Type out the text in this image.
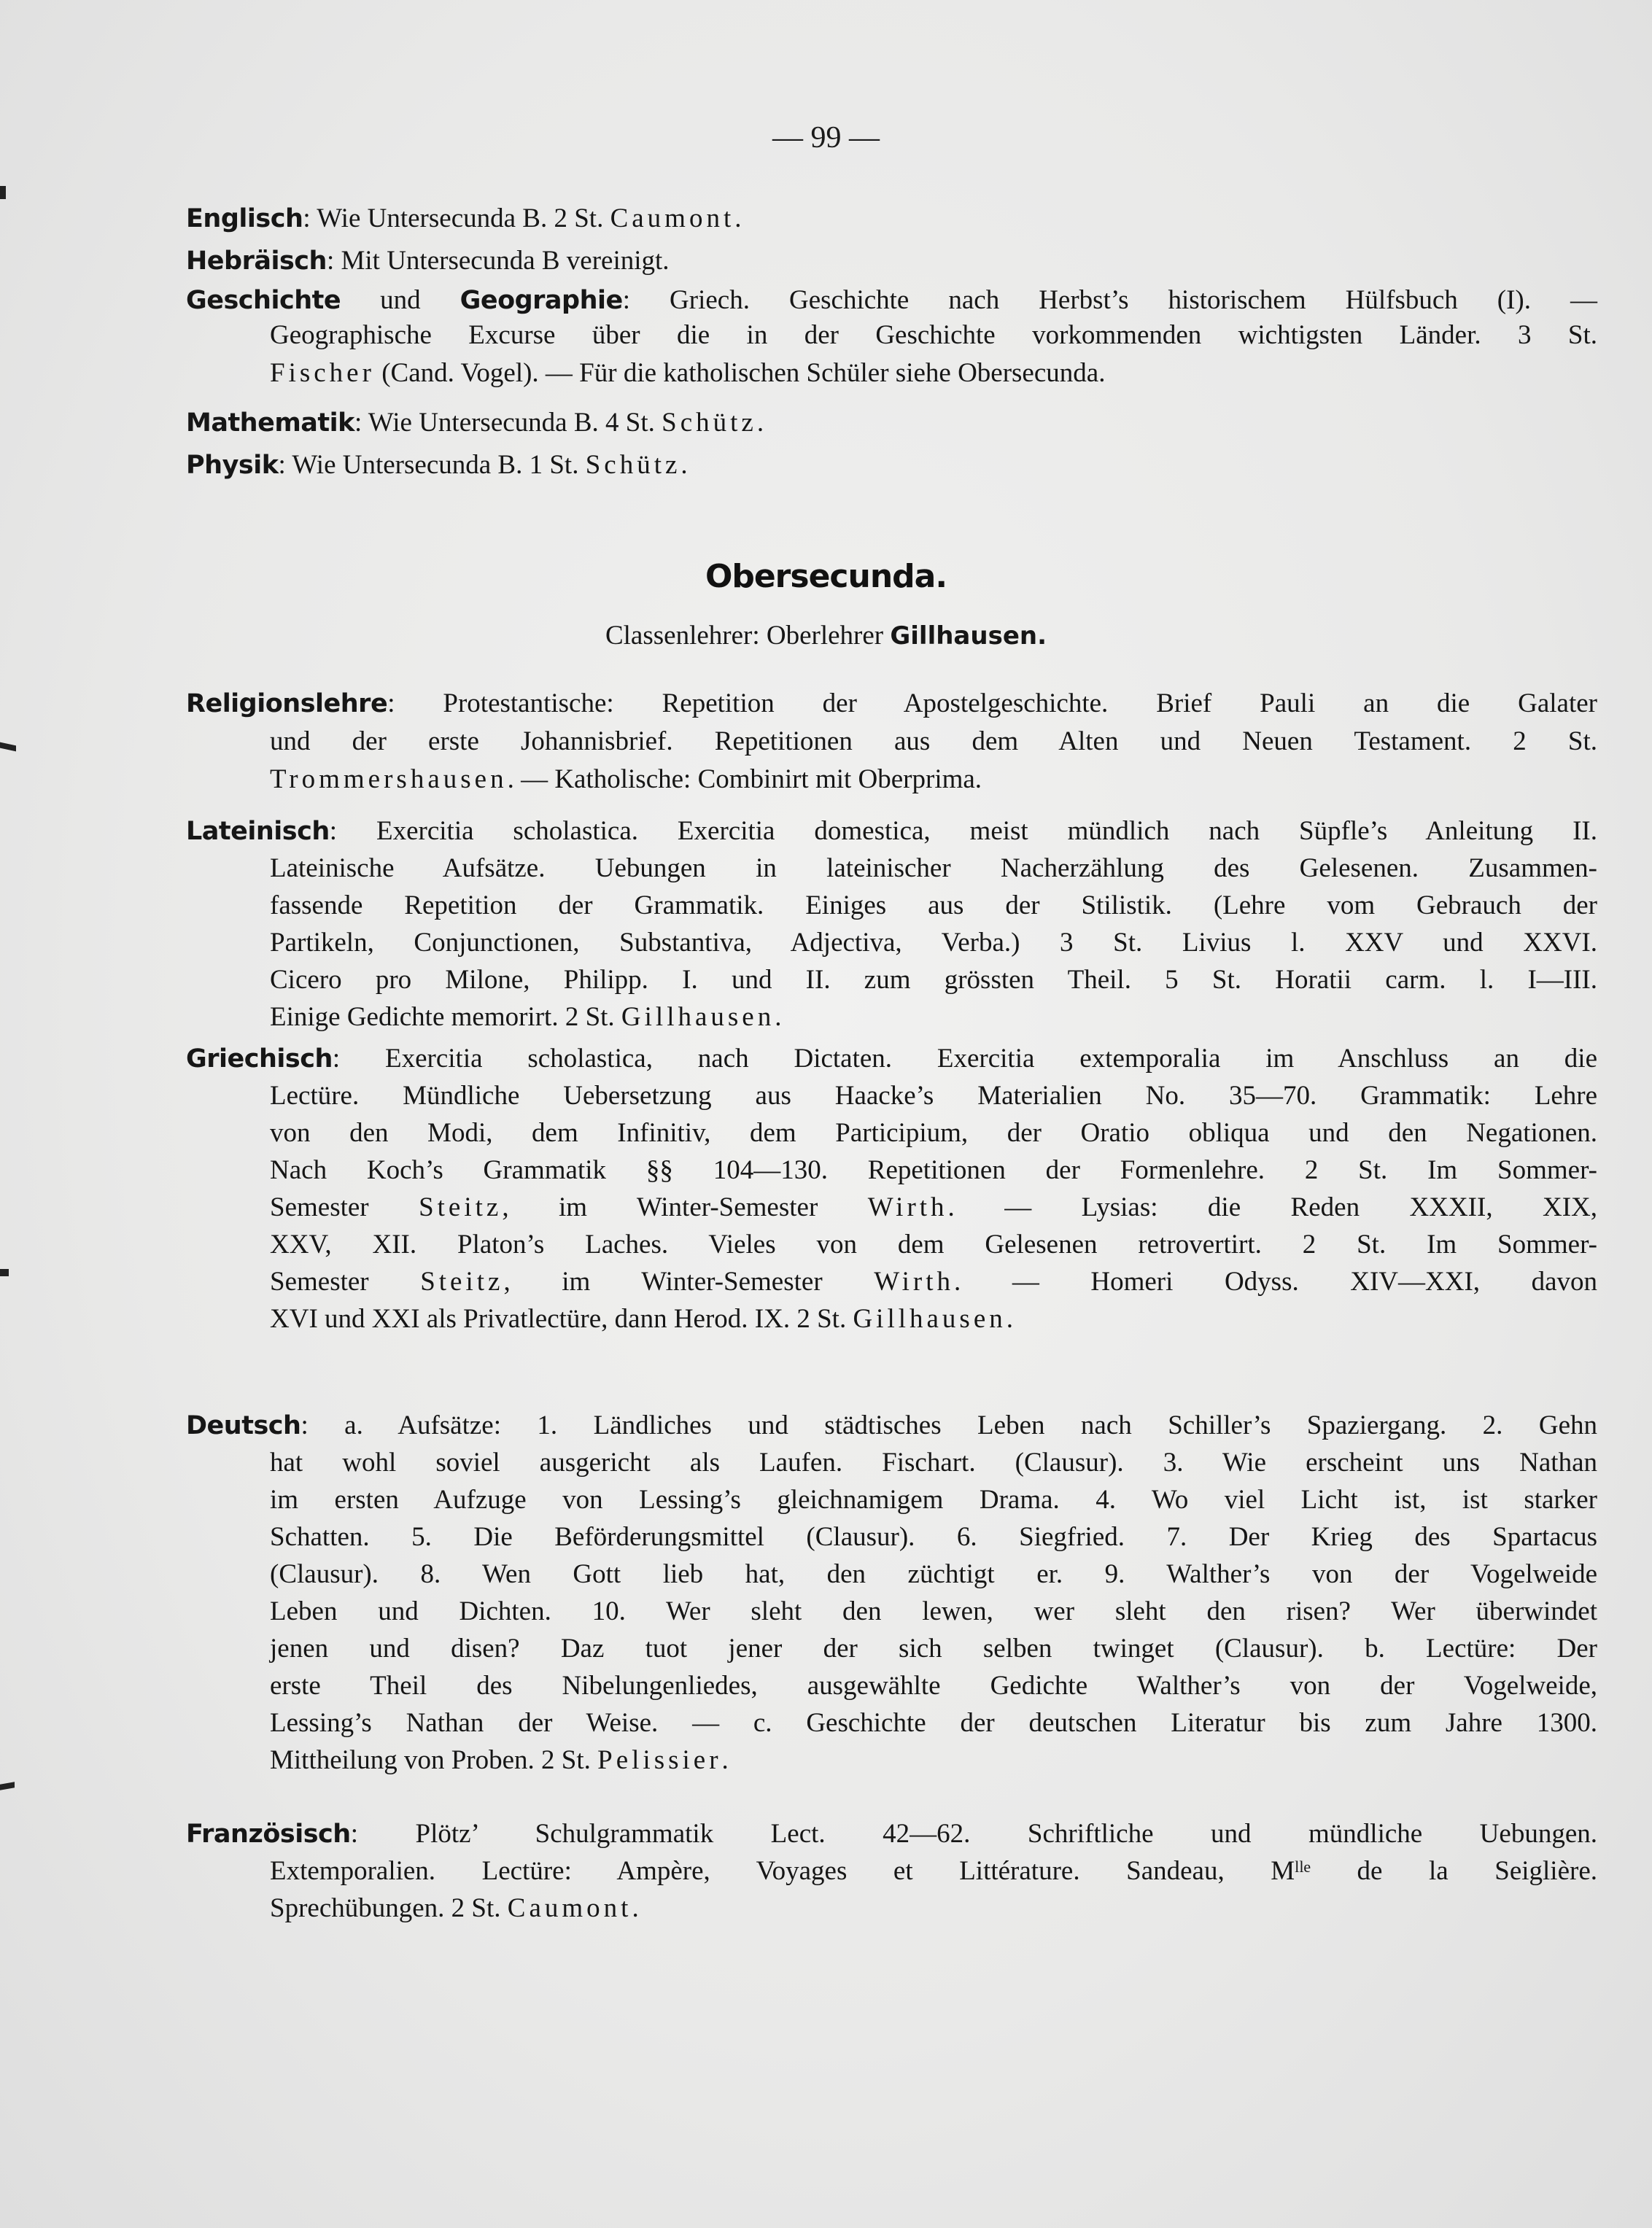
— 99 —
Englisch: Wie Untersecunda B. 2 St. Caumont.
Hebräisch: Mit Untersecunda B vereinigt.
Geschichte und Geographie: Griech. Geschichte nach Herbst’s historischem Hülfsbuch (I). —
Geographische Excurse über die in der Geschichte vorkommenden wichtigsten Länder. 3 St.
Fischer (Cand. Vogel). — Für die katholischen Schüler siehe Obersecunda.
Mathematik: Wie Untersecunda B. 4 St. Schütz.
Physik: Wie Untersecunda B. 1 St. Schütz.
Obersecunda.
Classenlehrer: Oberlehrer Gillhausen.
Religionslehre: Protestantische: Repetition der Apostelgeschichte. Brief Pauli an die Galater
und der erste Johannisbrief. Repetitionen aus dem Alten und Neuen Testament. 2 St.
Trommershausen. — Katholische: Combinirt mit Oberprima.
Lateinisch: Exercitia scholastica. Exercitia domestica, meist mündlich nach Süpfle’s Anleitung II.
Lateinische Aufsätze. Uebungen in lateinischer Nacherzählung des Gelesenen. Zusammen-
fassende Repetition der Grammatik. Einiges aus der Stilistik. (Lehre vom Gebrauch der
Partikeln, Conjunctionen, Substantiva, Adjectiva, Verba.) 3 St. Livius l. XXV und XXVI.
Cicero pro Milone, Philipp. I. und II. zum grössten Theil. 5 St. Horatii carm. l. I—III.
Einige Gedichte memorirt. 2 St. Gillhausen.
Griechisch: Exercitia scholastica, nach Dictaten. Exercitia extemporalia im Anschluss an die
Lectüre. Mündliche Uebersetzung aus Haacke’s Materialien No. 35—70. Grammatik: Lehre
von den Modi, dem Infinitiv, dem Participium, der Oratio obliqua und den Negationen.
Nach Koch’s Grammatik §§ 104—130. Repetitionen der Formenlehre. 2 St. Im Sommer-
Semester Steitz, im Winter-Semester Wirth. — Lysias: die Reden XXXII, XIX,
XXV, XII. Platon’s Laches. Vieles von dem Gelesenen retrovertirt. 2 St. Im Sommer-
Semester Steitz, im Winter-Semester Wirth. — Homeri Odyss. XIV—XXI, davon
XVI und XXI als Privatlectüre, dann Herod. IX. 2 St. Gillhausen.
Deutsch: a. Aufsätze: 1. Ländliches und städtisches Leben nach Schiller’s Spaziergang. 2. Gehn
hat wohl soviel ausgericht als Laufen. Fischart. (Clausur). 3. Wie erscheint uns Nathan
im ersten Aufzuge von Lessing’s gleichnamigem Drama. 4. Wo viel Licht ist, ist starker
Schatten. 5. Die Beförderungsmittel (Clausur). 6. Siegfried. 7. Der Krieg des Spartacus
(Clausur). 8. Wen Gott lieb hat, den züchtigt er. 9. Walther’s von der Vogelweide
Leben und Dichten. 10. Wer sleht den lewen, wer sleht den risen? Wer überwindet
jenen und disen? Daz tuot jener der sich selben twinget (Clausur). b. Lectüre: Der
erste Theil des Nibelungenliedes, ausgewählte Gedichte Walther’s von der Vogelweide,
Lessing’s Nathan der Weise. — c. Geschichte der deutschen Literatur bis zum Jahre 1300.
Mittheilung von Proben. 2 St. Pelissier.
Französisch: Plötz’ Schulgrammatik Lect. 42—62. Schriftliche und mündliche Uebungen.
Extemporalien. Lectüre: Ampère, Voyages et Littérature. Sandeau, Mˡˡᵉ de la Seiglière.
Sprechübungen. 2 St. Caumont.
